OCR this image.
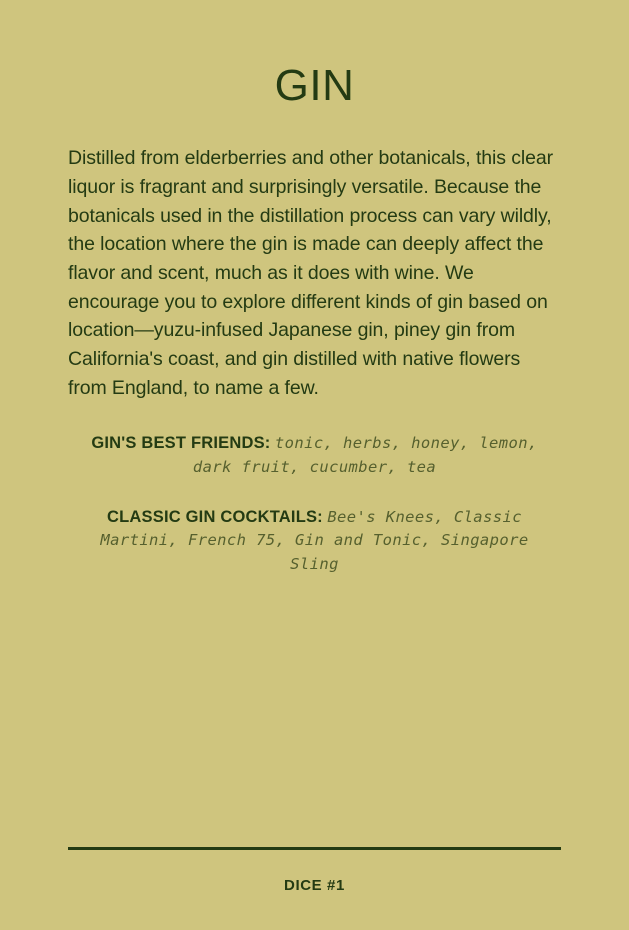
GIN

Distilled from elderberries and other botanicals, this clear liquor is fragrant and surprisingly versatile. Because the botanicals used in the distillation process can vary wildly, the location where the gin is made can deeply affect the flavor and scent, much as it does with wine. We encourage you to explore different kinds of gin based on location—yuzu-infused Japanese gin, piney gin from California's coast, and gin distilled with native flowers from England, to name a few.

GIN'S BEST FRIENDS: tonic, herbs, honey, lemon, dark fruit, cucumber, tea
CLASSIC GIN COCKTAILS: Bee's Knees, Classic Martini, French 75, Gin and Tonic, Singapore Sling
DICE #1
